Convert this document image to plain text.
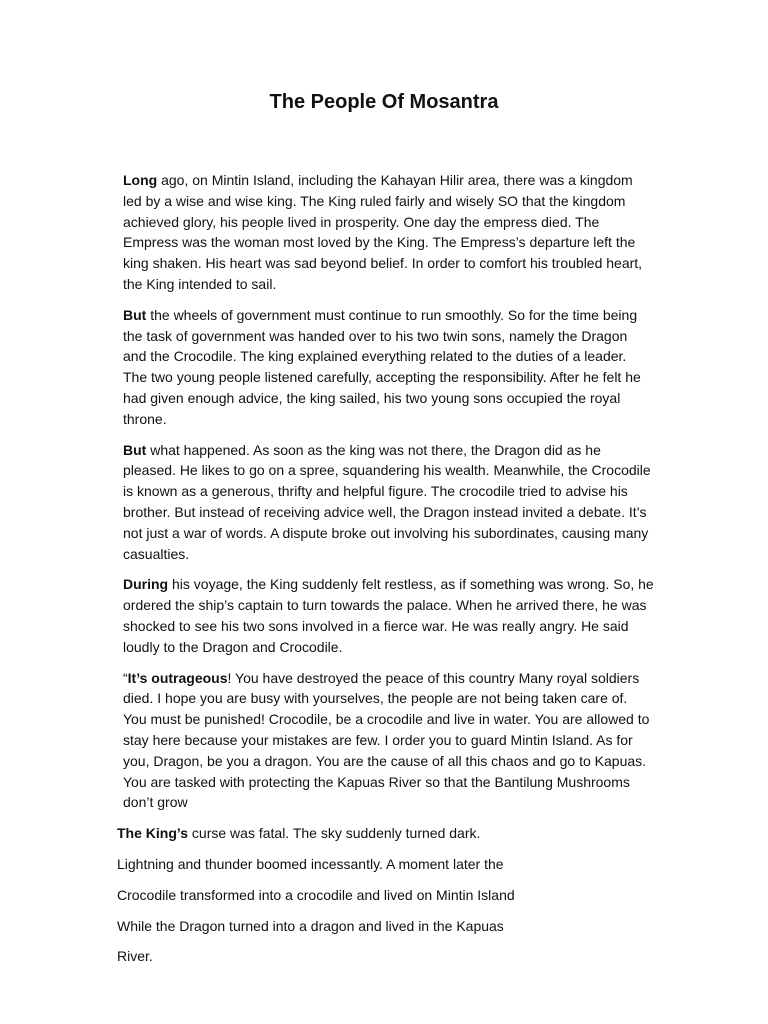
The People Of Mosantra

Long ago, on Mintin Island, including the Kahayan Hilir area, there was a kingdom led by a wise and wise king. The King ruled fairly and wisely SO that the kingdom achieved glory, his people lived in prosperity. One day the empress died. The Empress was the woman most loved by the King. The Empress’s departure left the king shaken. His heart was sad beyond belief. In order to comfort his troubled heart, the King intended to sail.

But the wheels of government must continue to run smoothly. So for the time being the task of government was handed over to his two twin sons, namely the Dragon and the Crocodile. The king explained everything related to the duties of a leader. The two young people listened carefully, accepting the responsibility. After he felt he had given enough advice, the king sailed, his two young sons occupied the royal throne.

But what happened. As soon as the king was not there, the Dragon did as he pleased. He likes to go on a spree, squandering his wealth. Meanwhile, the Crocodile is known as a generous, thrifty and helpful figure. The crocodile tried to advise his brother. But instead of receiving advice well, the Dragon instead invited a debate. It’s not just a war of words. A dispute broke out involving his subordinates, causing many casualties.

During his voyage, the King suddenly felt restless, as if something was wrong. So, he ordered the ship’s captain to turn towards the palace. When he arrived there, he was shocked to see his two sons involved in a fierce war. He was really angry. He said loudly to the Dragon and Crocodile.

“It’s outrageous! You have destroyed the peace of this country Many royal soldiers died. I hope you are busy with yourselves, the people are not being taken care of. You must be punished! Crocodile, be a crocodile and live in water. You are allowed to stay here because your mistakes are few. I order you to guard Mintin Island. As for you, Dragon, be you a dragon. You are the cause of all this chaos and go to Kapuas. You are tasked with protecting the Kapuas River so that the Bantilung Mushrooms don’t grow

The King’s curse was fatal. The sky suddenly turned dark.

Lightning and thunder boomed incessantly. A moment later the

Crocodile transformed into a crocodile and lived on Mintin Island

While the Dragon turned into a dragon and lived in the Kapuas

River.
